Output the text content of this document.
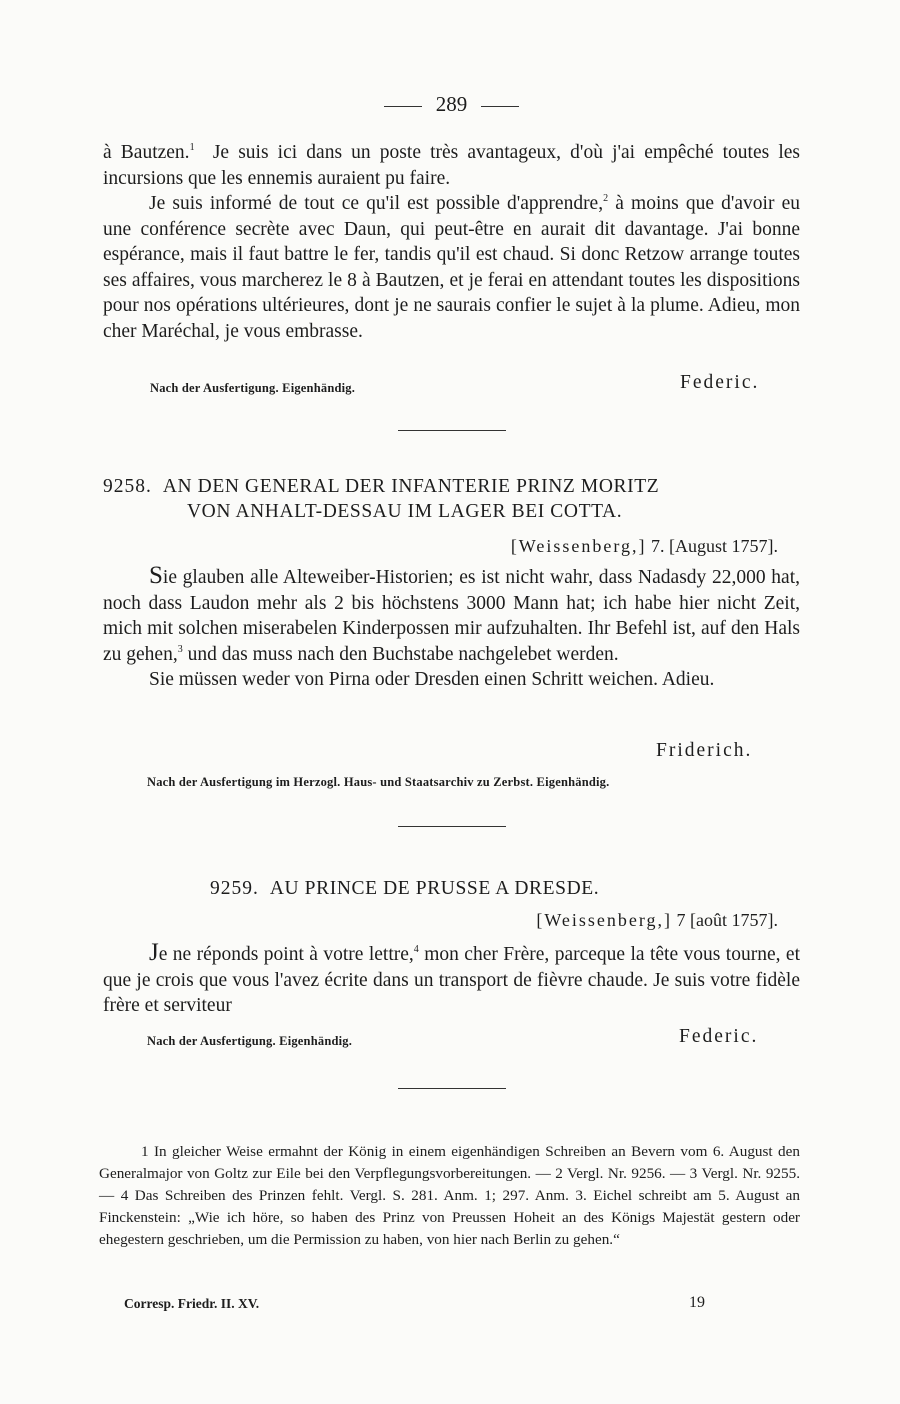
289

à Bautzen.$^1$ Je suis ici dans un poste très avantageux, d'où j'ai empêché toutes les incursions que les ennemis auraient pu faire.

Je suis informé de tout ce qu'il est possible d'apprendre,$^2$ à moins que d'avoir eu une conférence secrète avec Daun, qui peut-être en aurait dit davantage. J'ai bonne espérance, mais il faut battre le fer, tandis qu'il est chaud. Si donc Retzow arrange toutes ses affaires, vous marcherez le 8 à Bautzen, et je ferai en attendant toutes les dispositions pour nos opérations ultérieures, dont je ne saurais confier le sujet à la plume. Adieu, mon cher Maréchal, je vous embrasse.

Nach der Ausfertigung. Eigenhändig.	Federic.
9258. AN DEN GENERAL DER INFANTERIE PRINZ MORITZ
VON ANHALT-DESSAU IM LAGER BEI COTTA.
[Weissenberg,] 7. [August 1757].

Sie glauben alle Alteweiber-Historien; es ist nicht wahr, dass Nadasdy 22,000 hat, noch dass Laudon mehr als 2 bis höchstens 3000 Mann hat; ich habe hier nicht Zeit, mich mit solchen miserabelen Kinderpossen mir aufzuhalten. Ihr Befehl ist, auf den Hals zu gehen,$^3$ und das muss nach den Buchstabe nachgelebet werden.

Sie müssen weder von Pirna oder Dresden einen Schritt weichen. Adieu.

Friderich.
Nach der Ausfertigung im Herzogl. Haus- und Staatsarchiv zu Zerbst. Eigenhändig.
9259. AU PRINCE DE PRUSSE A DRESDE.
[Weissenberg,] 7 [août 1757].

Je ne réponds point à votre lettre,$^4$ mon cher Frère, parceque la tête vous tourne, et que je crois que vous l'avez écrite dans un transport de fièvre chaude. Je suis votre fidèle frère et serviteur

Nach der Ausfertigung. Eigenhändig.	Federic.

1 In gleicher Weise ermahnt der König in einem eigenhändigen Schreiben an Bevern vom 6. August den Generalmajor von Goltz zur Eile bei den Verpflegungsvorbereitungen. — 2 Vergl. Nr. 9256. — 3 Vergl. Nr. 9255. — 4 Das Schreiben des Prinzen fehlt. Vergl. S. 281. Anm. 1; 297. Anm. 3. Eichel schreibt am 5. August an Finckenstein: „Wie ich höre, so haben des Prinz von Preussen Hoheit an des Königs Majestät gestern oder ehegestern geschrieben, um die Permission zu haben, von hier nach Berlin zu gehen.“

Corresp. Friedr. II. XV.	19
